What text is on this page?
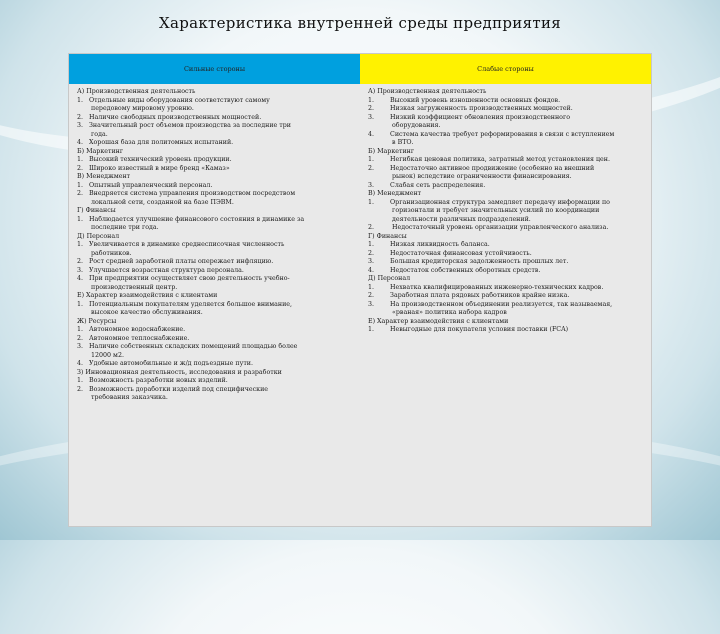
Характеристика внутренней среды предприятия
Сильные стороны	Слабые стороны
А) Производственная деятельность
1.   Отдельные виды оборудования соответствуют самому
передовому мировому уровню.
2.   Наличие свободных производственных мощностей.
3.   Значительный рост объемов производства за последние три
года.
4.   Хорошая база для политомных испытаний.
Б) Маркетинг
1.   Высокий технический уровень продукции.
2.   Широко известный в мире бренд «Камаз»
В) Менеджмент
1.   Опытный управленческий персонал.
2.   Внедряется система управления производством посредством
локальной сети, созданной на базе ПЭВМ.
Г) Финансы
1.   Наблюдается улучшение финансового состояния в динамике за
последние три года.
Д) Персонал
1.   Увеличивается в динамике среднесписочная численность
работников.
2.   Рост средней заработной платы опережает инфляцию.
3.   Улучшается возрастная структура персонала.
4.   При предприятии осуществляет свою деятельность учебно-
производственный центр.
Е) Характер взаимодействия с клиентами
1.   Потенциальным покупателям уделяется большое внимание,
высокое качество обслуживания.
Ж) Ресурсы
1.   Автономное водоснабжение.
2.   Автономное теплоснабжение.
3.   Наличие собственных складских помещений площадью более
12000 м2.
4.   Удобные автомобильные и ж/д подъездные пути.
З) Инновационная деятельность, исследования и разработки
1.   Возможность разработки новых изделий.
2.   Возможность доработки изделий под специфические
требования заказчика.
А) Производственная деятельность
1.        Высокий уровень изношенности основных фондов.
2.        Низкая загруженность производственных мощностей.
3.        Низкий коэффициент обновления производственного
оборудования.
4.        Система качества требует реформирования в связи с вступлением
в ВТО.
Б) Маркетинг
1.        Негибкая ценовая политика, затратный метод установления цен.
2.        Недостаточно активное продвижение (особенно на внешний
рынок) вследствие ограниченности финансирования.
3.        Слабая сеть распределения.
В) Менеджмент
1.        Организационная структура замедляет передачу информации по
горизонтали и требует значительных усилий по координации
деятельности различных подразделений.
2.         Недостаточный уровень организации управленческого анализа.
Г) Финансы
1.        Низкая ликвидность баланса.
2.        Недостаточная финансовая устойчивость.
3.        Большая кредиторская задолженность прошлых лет.
4.        Недостаток собственных оборотных средств.
Д) Персонал
1.        Нехватка квалифицированных инженерно-технических кадров.
2.        Заработная плата рядовых работников крайне низка.
3.        На производственном объединении реализуется, так называемая,
«рваная» политика набора кадров
Е) Характер взаимодействия с клиентами
1.        Невыгодные для покупателя условия поставки (FCA)
